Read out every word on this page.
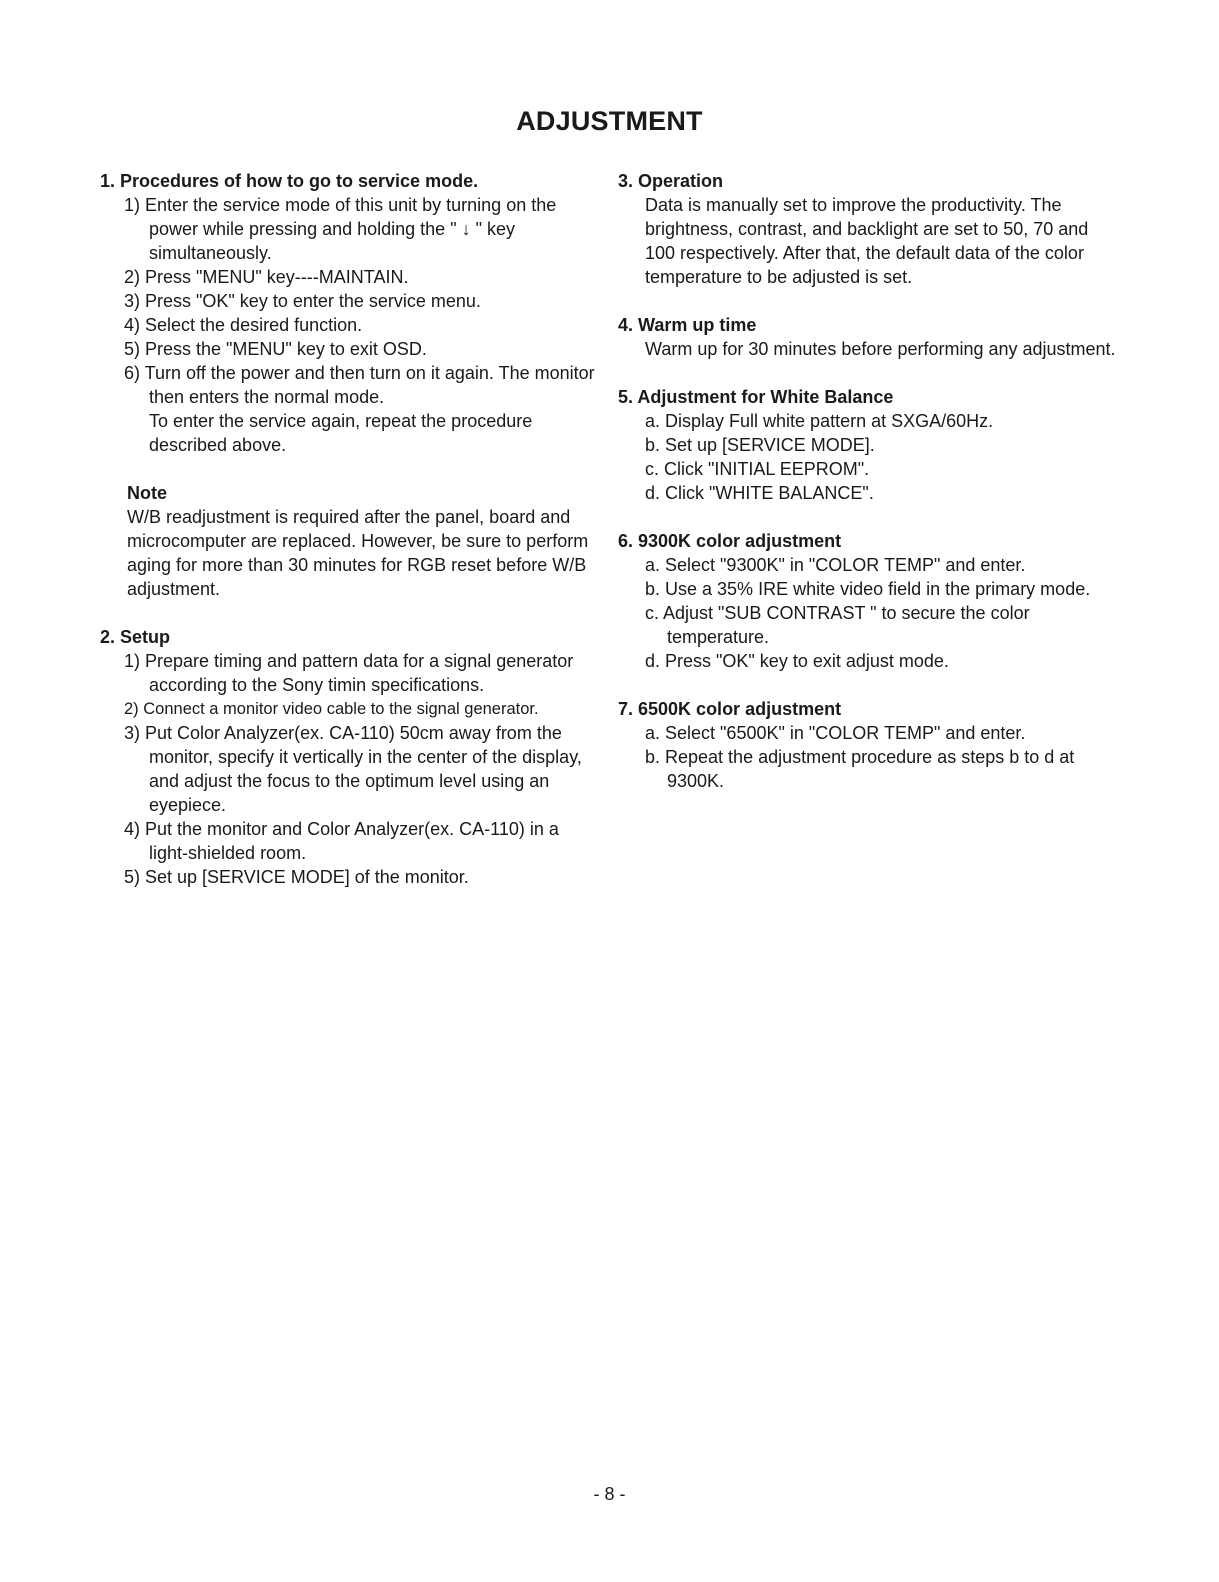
ADJUSTMENT
1. Procedures of how to go to service mode.
1) Enter the service mode of this unit by turning on the power while pressing and holding the " ↓ " key simultaneously.
2) Press "MENU" key----MAINTAIN.
3) Press "OK" key to enter the service menu.
4) Select the desired function.
5) Press the "MENU" key to exit OSD.
6) Turn off the power and then turn on it again. The monitor then enters the normal mode.
To enter the service again, repeat the procedure described above.
Note
W/B readjustment is required after the panel, board and microcomputer are replaced. However, be sure to perform aging for more than 30 minutes for RGB reset before W/B adjustment.
2. Setup
1) Prepare timing and pattern data for a signal generator according to the Sony timin specifications.
2) Connect a monitor video cable to the signal generator.
3) Put Color Analyzer(ex. CA-110) 50cm away from the monitor, specify it vertically in the center of the display, and adjust the focus to the optimum level using an eyepiece.
4) Put the monitor and Color Analyzer(ex. CA-110) in a light-shielded room.
5) Set up [SERVICE MODE] of the monitor.
3. Operation
Data is manually set to improve the productivity. The brightness, contrast, and backlight are set to 50, 70 and 100 respectively. After that, the default data of the color temperature to be adjusted is set.
4. Warm up time
Warm up for 30 minutes before performing any adjustment.
5. Adjustment for White Balance
a. Display Full white pattern at SXGA/60Hz.
b. Set up [SERVICE MODE].
c. Click "INITIAL EEPROM".
d. Click "WHITE BALANCE".
6. 9300K color adjustment
a. Select "9300K" in "COLOR TEMP" and enter.
b. Use a 35% IRE white video field in the primary mode.
c. Adjust "SUB CONTRAST " to secure the color temperature.
d. Press "OK" key to exit adjust mode.
7. 6500K color adjustment
a. Select "6500K" in "COLOR TEMP" and enter.
b. Repeat the adjustment procedure as steps b to d at 9300K.
- 8 -
